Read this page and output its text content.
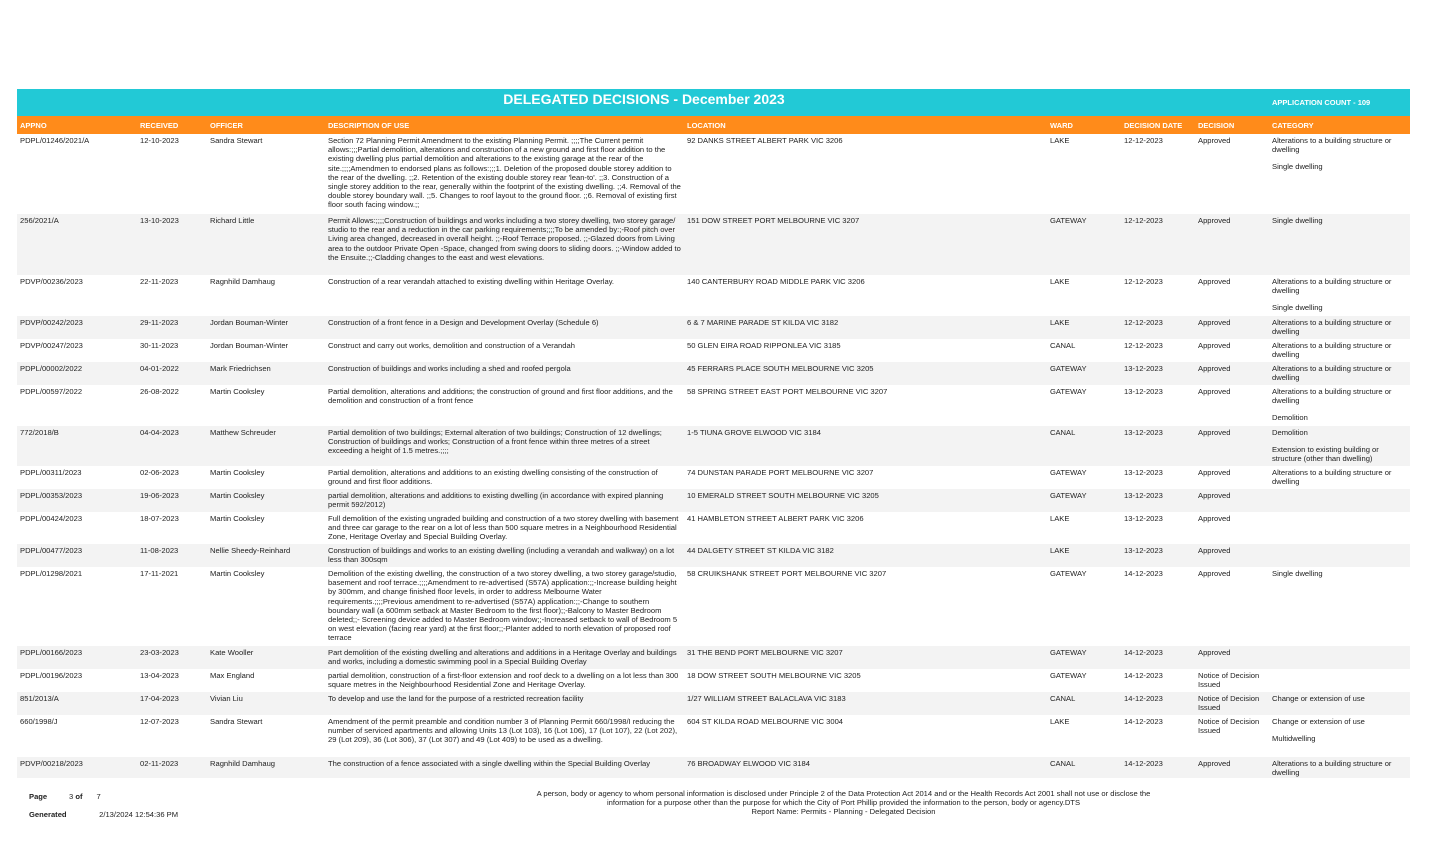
DELEGATED DECISIONS - December 2023	APPLICATION COUNT - 109
APPNO	RECEIVED	OFFICER	DESCRIPTION OF USE	LOCATION	WARD	DECISION DATE	DECISION	CATEGORY
PDPL/01246/2021/A	12-10-2023	Sandra Stewart	Section 72 Planning Permit Amendment to the existing Planning Permit. ;;;;The Current permit allows:;;;Partial demolition, alterations and construction of a new ground and first floor addition to the existing dwelling plus partial demolition and alterations to the existing garage at the rear of the site.;;;;Amendmen to endorsed plans as follows:;;;1. Deletion of the proposed double storey addition to the rear of the dwelling. ;;2. Retention of the existing double storey rear 'lean-to'. ;;3. Construction of a single storey addition to the rear, generally within the footprint of the existing dwelling. ;;4. Removal of the double storey boundary wall. ;;5. Changes to roof layout to the ground floor. ;;6. Removal of existing first floor south facing window.;;	92 DANKS STREET ALBERT PARK VIC 3206	LAKE	12-12-2023	Approved	Alterations to a building structure or dwelling
Single dwelling

256/2021/A	13-10-2023	Richard Little	Permit Allows:;;;;Construction of buildings and works including a two storey dwelling, two storey garage/ studio to the rear and a reduction in the car parking requirements;;;;To be amended by:;-Roof pitch over Living area changed, decreased in overall height. ;;-Roof Terrace proposed. ;;-Glazed doors from Living area to the outdoor Private Open -Space, changed from swing doors to sliding doors. ;;-Window added to the Ensuite.;;-Cladding changes to the east and west elevations.	151 DOW STREET PORT MELBOURNE VIC 3207	GATEWAY	12-12-2023	Approved	Single dwelling

PDVP/00236/2023	22-11-2023	Ragnhild Damhaug	Construction of a rear verandah attached to existing dwelling within Heritage Overlay.	140 CANTERBURY ROAD MIDDLE PARK VIC 3206	LAKE	12-12-2023	Approved	Alterations to a building structure or dwelling
Single dwelling

PDVP/00242/2023	29-11-2023	Jordan Bouman-Winter	Construction of a front fence in a Design and Development Overlay (Schedule 6)	6 & 7 MARINE PARADE ST KILDA VIC 3182	LAKE	12-12-2023	Approved	Alterations to a building structure or dwelling

PDVP/00247/2023	30-11-2023	Jordan Bouman-Winter	Construct and carry out works, demolition and construction of a Verandah	50 GLEN EIRA ROAD RIPPONLEA VIC 3185	CANAL	12-12-2023	Approved	Alterations to a building structure or dwelling

PDPL/00002/2022	04-01-2022	Mark Friedrichsen	Construction of buildings and works including a shed and roofed pergola	45 FERRARS PLACE SOUTH MELBOURNE VIC 3205	GATEWAY	13-12-2023	Approved	Alterations to a building structure or dwelling

PDPL/00597/2022	26-08-2022	Martin Cooksley	Partial demolition, alterations and additions; the construction of ground and first floor additions, and the demolition and construction of a front fence	58 SPRING STREET EAST PORT MELBOURNE VIC 3207	GATEWAY	13-12-2023	Approved	Alterations to a building structure or dwelling
Demolition

772/2018/B	04-04-2023	Matthew Schreuder	Partial demolition of two buildings; External alteration of two buildings; Construction of 12 dwellings; Construction of buildings and works; Construction of a front fence within three metres of a street exceeding a height of 1.5 metres.;;;;	1-5 TIUNA GROVE ELWOOD VIC 3184	CANAL	13-12-2023	Approved	Demolition
Extension to existing building or structure (other than dwelling)

PDPL/00311/2023	02-06-2023	Martin Cooksley	Partial demolition, alterations and additions to an existing dwelling consisting of the construction of ground and first floor additions.	74 DUNSTAN PARADE PORT MELBOURNE VIC 3207	GATEWAY	13-12-2023	Approved	Alterations to a building structure or dwelling

PDPL/00353/2023	19-06-2023	Martin Cooksley	partial demolition, alterations and additions to existing dwelling (in accordance with expired planning permit 592/2012)	10 EMERALD STREET SOUTH MELBOURNE VIC 3205	GATEWAY	13-12-2023	Approved	
PDPL/00424/2023	18-07-2023	Martin Cooksley	Full demolition of the existing ungraded building and construction of a two storey dwelling with basement and three car garage to the rear on a lot of less than 500 square metres in a Neighbourhood Residential Zone, Heritage Overlay and Special Building Overlay.	41 HAMBLETON STREET ALBERT PARK VIC 3206	LAKE	13-12-2023	Approved	
PDPL/00477/2023	11-08-2023	Nellie Sheedy-Reinhard	Construction of buildings and works to an existing dwelling (including a verandah and walkway) on a lot less than 300sqm	44 DALGETY STREET ST KILDA VIC 3182	LAKE	13-12-2023	Approved	
PDPL/01298/2021	17-11-2021	Martin Cooksley	Demolition of the existing dwelling, the construction of a two storey dwelling, a two storey garage/studio, basement and roof terrace.;;;;Amendment to re-advertised (S57A) application:;;-Increase building height by 300mm, and change finished floor levels, in order to address Melbourne Water requirements.;;;;Previous amendment to re-advertised (S57A) application:;;-Change to southern boundary wall (a 600mm setback at Master Bedroom to the first floor);;-Balcony to Master Bedroom deleted;;- Screening device added to Master Bedroom window;;-Increased setback to wall of Bedroom 5 on west elevation (facing rear yard) at the first floor;;-Planter added to north elevation of proposed roof terrace	58 CRUIKSHANK STREET PORT MELBOURNE VIC 3207	GATEWAY	14-12-2023	Approved	Single dwelling

PDPL/00166/2023	23-03-2023	Kate Wooller	Part demolition of the existing dwelling and alterations and additions in a Heritage Overlay and buildings and works, including a domestic swimming pool in a Special Building Overlay	31 THE BEND PORT MELBOURNE VIC 3207	GATEWAY	14-12-2023	Approved	
PDPL/00196/2023	13-04-2023	Max England	partial demolition, construction of a first-floor extension and roof deck to a dwelling on a lot less than 300 square metres in the Neighbourhood Residential Zone and Heritage Overlay.	18 DOW STREET SOUTH MELBOURNE VIC 3205	GATEWAY	14-12-2023	Notice of Decision Issued	
851/2013/A	17-04-2023	Vivian Liu	To develop and use the land for the purpose of a restricted recreation facility	1/27 WILLIAM STREET BALACLAVA VIC 3183	CANAL	14-12-2023	Notice of Decision Issued	Change or extension of use

660/1998/J	12-07-2023	Sandra Stewart	Amendment of the permit preamble and condition number 3 of Planning Permit 660/1998/I reducing the number of serviced apartments and allowing Units 13 (Lot 103), 16 (Lot 106), 17 (Lot 107), 22 (Lot 202), 29 (Lot 209), 36 (Lot 306), 37 (Lot 307) and 49 (Lot 409) to be used as a dwelling.	604 ST KILDA ROAD MELBOURNE VIC 3004	LAKE	14-12-2023	Notice of Decision Issued	Change or extension of use
Multidwelling

PDVP/00218/2023	02-11-2023	Ragnhild Damhaug	The construction of a fence associated with a single dwelling within the Special Building Overlay	76 BROADWAY ELWOOD VIC 3184	CANAL	14-12-2023	Approved	Alterations to a building structure or dwelling
Page	3 of 7
Generated	2/13/2024 12:54:36 PM
A person, body or agency to whom personal information is disclosed under Principle 2 of the Data Protection Act 2014 and or the Health Records Act 2001 shall not use or disclose the information for a purpose other than the purpose for which the City of Port Phillip provided the information to the person, body or agency.DTS
Report Name: Permits - Planning - Delegated Decision
